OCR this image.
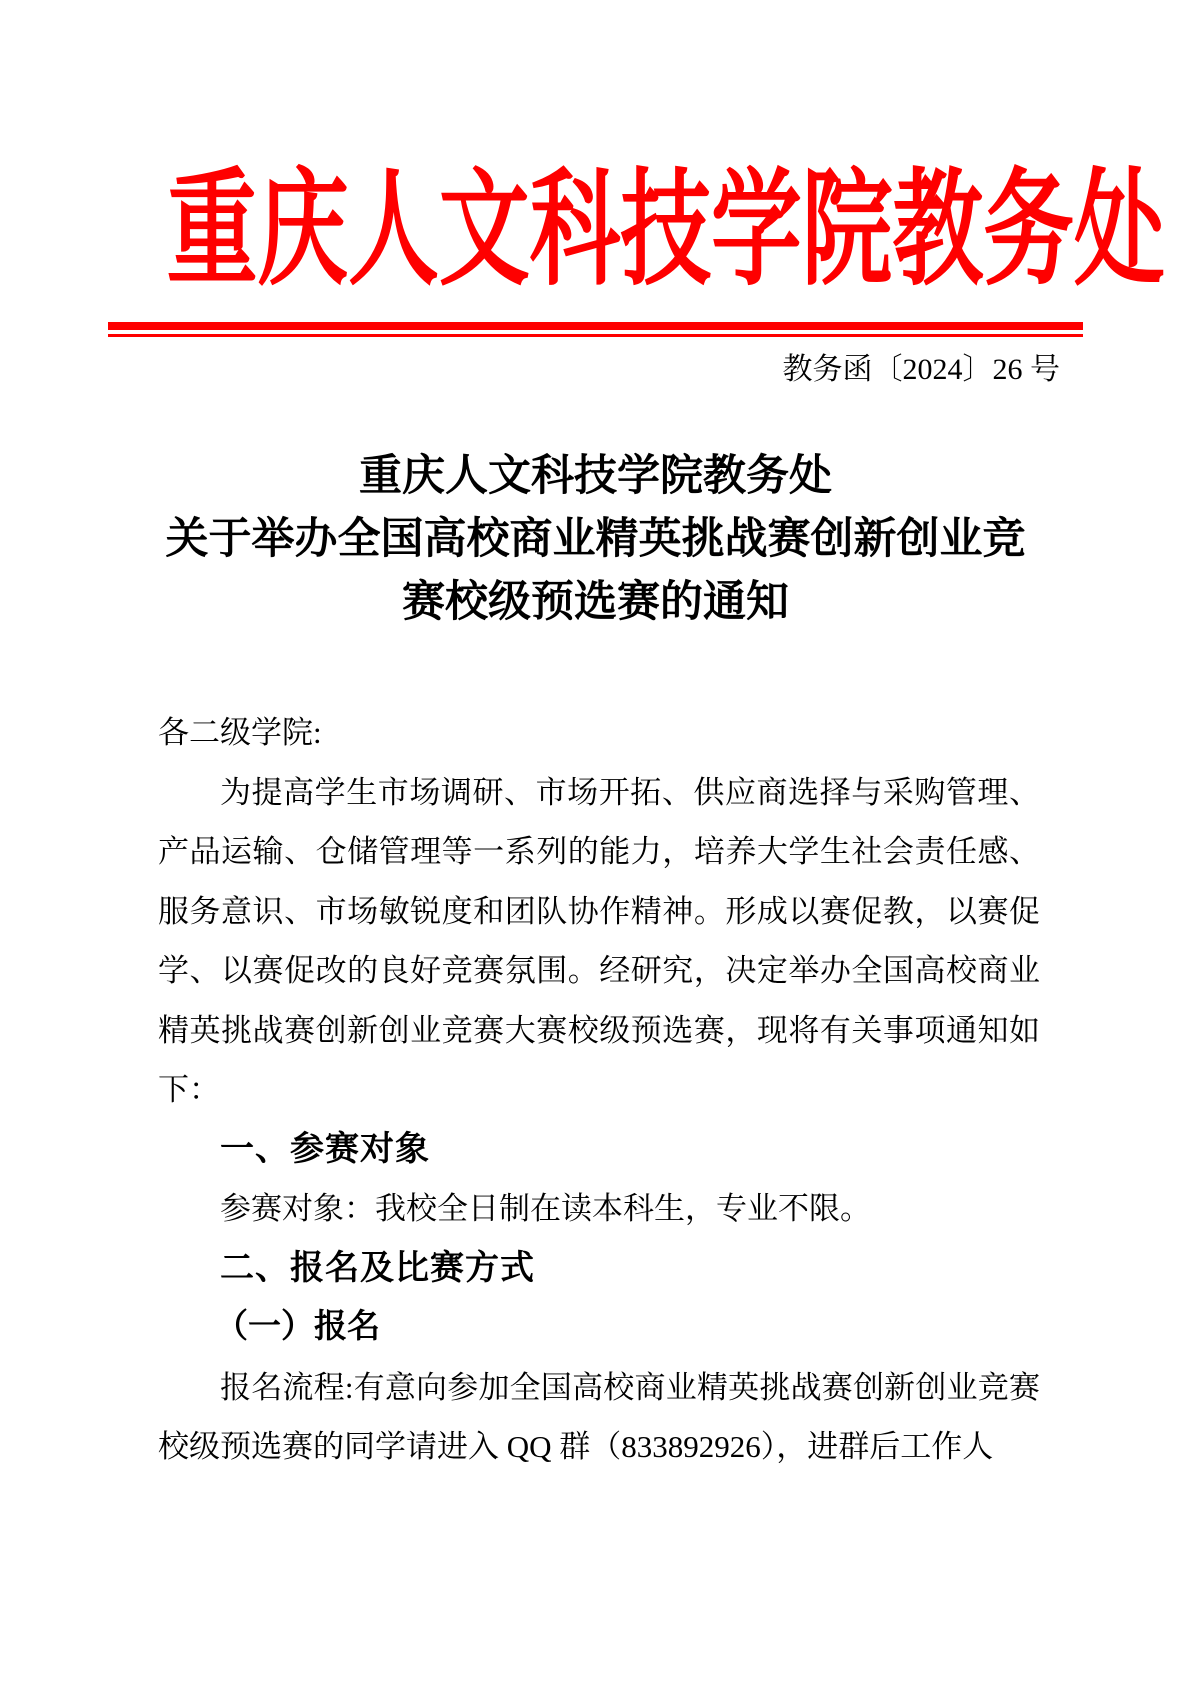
重庆人文科技学院教务处
教务函〔2024〕26 号
重庆人文科技学院教务处
关于举办全国高校商业精英挑战赛创新创业竞
赛校级预选赛的通知

各二级学院:

为提高学生市场调研、市场开拓、供应商选择与采购管理、产品运输、仓储管理等一系列的能力，培养大学生社会责任感、服务意识、市场敏锐度和团队协作精神。形成以赛促教，以赛促学、以赛促改的良好竞赛氛围。经研究，决定举办全国高校商业精英挑战赛创新创业竞赛大赛校级预选赛，现将有关事项通知如下：

一、参赛对象

参赛对象：我校全日制在读本科生，专业不限。

二、报名及比赛方式
（一）报名

报名流程:有意向参加全国高校商业精英挑战赛创新创业竞赛校级预选赛的同学请进入 QQ 群（833892926），进群后工作人
